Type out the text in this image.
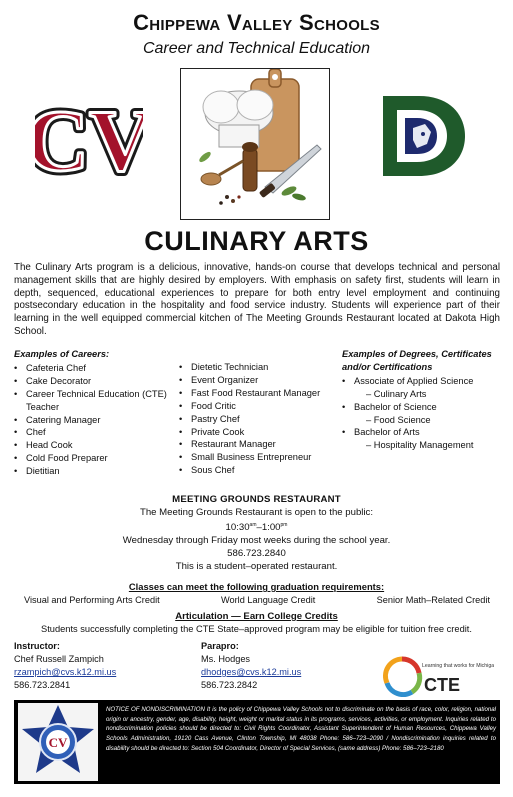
Chippewa Valley Schools
Career and Technical Education
CV
CV
D
CULINARY ARTS
The Culinary Arts program is a delicious, innovative, hands-on course that develops technical and personal management skills that are highly desired by employers. With emphasis on safety first, students will learn in depth, sequenced, educational experiences to prepare for both entry level employment and continuing postsecondary education in the hospitality and food service industry. Students will experience part of their learning in the well equipped commercial kitchen of The Meeting Grounds Restaurant located at Dakota High School.
Examples of Careers:
• Cafeteria Chef
• Cake Decorator
• Career Technical Education (CTE) Teacher
• Catering Manager
• Chef
• Head Cook
• Cold Food Preparer
• Dietitian
• Dietetic Technician
• Event Organizer
• Fast Food Restaurant Manager
• Food Critic
• Pastry Chef
• Private Cook
• Restaurant Manager
• Small Business Entrepreneur
• Sous Chef
Examples of Degrees, Certificates and/or Certifications
• Associate of Applied Science
– Culinary Arts
• Bachelor of Science
– Food Science
• Bachelor of Arts
– Hospitality Management
MEETING GROUNDS RESTAURANT
The Meeting Grounds Restaurant is open to the public:
$10:30^{am}-1:00^{pm}$
Wednesday through Friday most weeks during the school year.
586.723.2840
This is a student–operated restaurant.
Classes can meet the following graduation requirements:
Visual and Performing Arts Credit	World Language Credit	Senior Math–Related Credit
Articulation — Earn College Credits
Students successfully completing the CTE State–approved program may be eligible for tuition free credit.
Instructor:
Chef Russell Zampich
rzampich@cvs.k12.mi.us
586.723.2841
Parapro:
Ms. Hodges
dhodges@cvs.k12.mi.us
586.723.2842
Learning that works for Michigan
CTE
CV
NOTICE OF NONDISCRIMINATION It is the policy of Chippewa Valley Schools not to discriminate on the basis of race, color, religion, national origin or ancestry, gender, age, disability, height, weight or marital status in its programs, services, activities, or employment. Inquiries related to nondiscrimination policies should be directed to: Civil Rights Coordinator, Assistant Superintendent of Human Resources, Chippewa Valley Schools Administration, 19120 Cass Avenue, Clinton Township, MI 48038 Phone: 586–723–2090 / Nondiscrimination inquiries related to disability should be directed to: Section 504 Coordinator, Director of Special Services, (same address) Phone: 586–723–2180
